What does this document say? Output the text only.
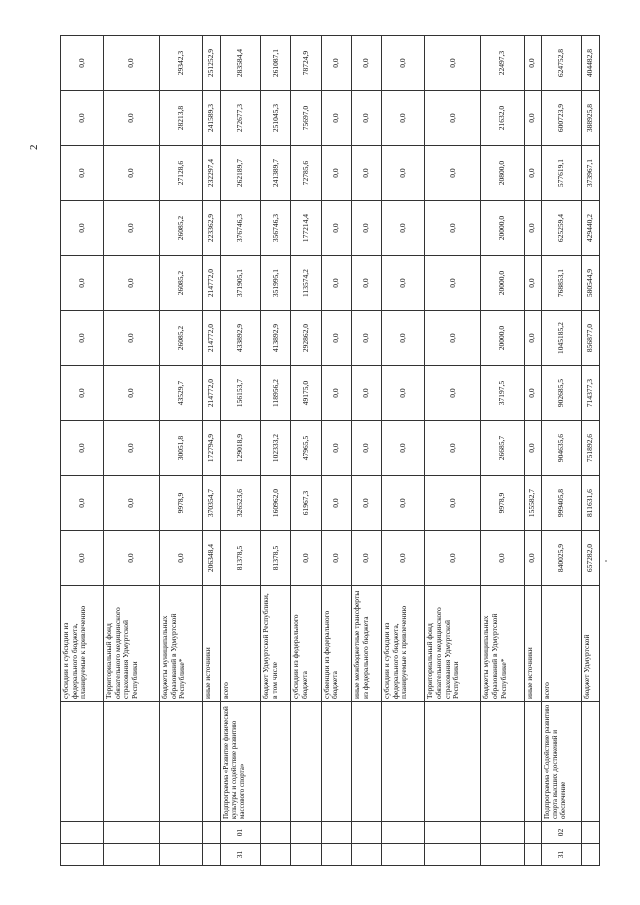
2
			субсидии и субсидии из федерального бюджета, планируемые к привлечению	0,0	0,0	0,0	0,0	0,0	0,0	0,0	0,0	0,0	0,0
			Территориальный фонд обязательного медицинского страхования Удмуртской Республики	0,0	0,0	0,0	0,0	0,0	0,0	0,0	0,0	0,0	0,0
			бюджеты муниципальных образований в Удмуртской Республике*	0,0	9978,9	30051,8	43529,7	26085,2	26085,2	26085,2	27128,6	28213,8	29342,3
			иные источники	206348,4	370354,7	172794,9	214772,0	214772,0	214772,0	223362,9	232297,4	241589,3	251252,9
31	01	Подпрограмма «Развитие физической культуры и содействие развитию массового спорта»	всего	81378,5	326523,6	129018,9	156153,7	433892,9	371905,1	376746,3	262189,7	272677,3	283584,4
			бюджет Удмуртской Республики, в том числе	81378,5	160962,0	102333,2	118956,2	413892,9	351995,1	356746,3	241389,7	251045,3	261087,1
			субсидии из федерального бюджета	0,0	61967,3	47965,5	49175,0	292862,0	113574,2	177214,4	72785,6	75697,0	78724,9
			субвенции из федерального бюджета	0,0	0,0	0,0	0,0	0,0	0,0	0,0	0,0	0,0	0,0
			иные межбюджетные трансферты из федерального бюджета	0,0	0,0	0,0	0,0	0,0	0,0	0,0	0,0	0,0	0,0
			субсидии и субсидии из федерального бюджета, планируемые к привлечению	0,0	0,0	0,0	0,0	0,0	0,0	0,0	0,0	0,0	0,0
			Территориальный фонд обязательного медицинского страхования Удмуртской Республики	0,0	0,0	0,0	0,0	0,0	0,0	0,0	0,0	0,0	0,0
			бюджеты муниципальных образований в Удмуртской Республике*	0,0	9978,9	26685,7	37197,5	20000,0	20000,0	20000,0	20800,0	21632,0	22497,3
			иные источники	0,0	155582,7	0,0	0,0	0,0	0,0	0,0	0,0	0,0	0,0
31	02	Подпрограмма «Содействие развитию спорта высших достижений и обеспечение	всего	840025,9	999405,8	904635,6	902685,5	1045185,2	768853,1	625259,4	577619,1	600723,9	624752,8
			бюджет Удмуртской	657282,0	811631,6	751892,6	714377,3	856877,0	580544,9	429440,2	373967,1	388925,8	404482,8
